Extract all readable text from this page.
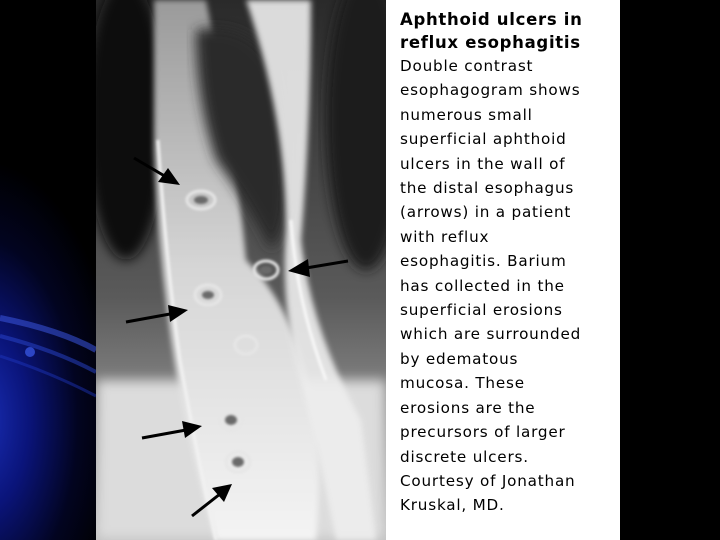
Aphthoid ulcers in
reflux esophagitis
Double contrast
esophagogram shows
numerous small
superficial aphthoid
ulcers in the wall of
the distal esophagus
(arrows) in a patient
with reflux
esophagitis. Barium
has collected in the
superficial erosions
which are surrounded
by edematous
mucosa. These
erosions are the
precursors of larger
discrete ulcers.
Courtesy of Jonathan
Kruskal, MD.
